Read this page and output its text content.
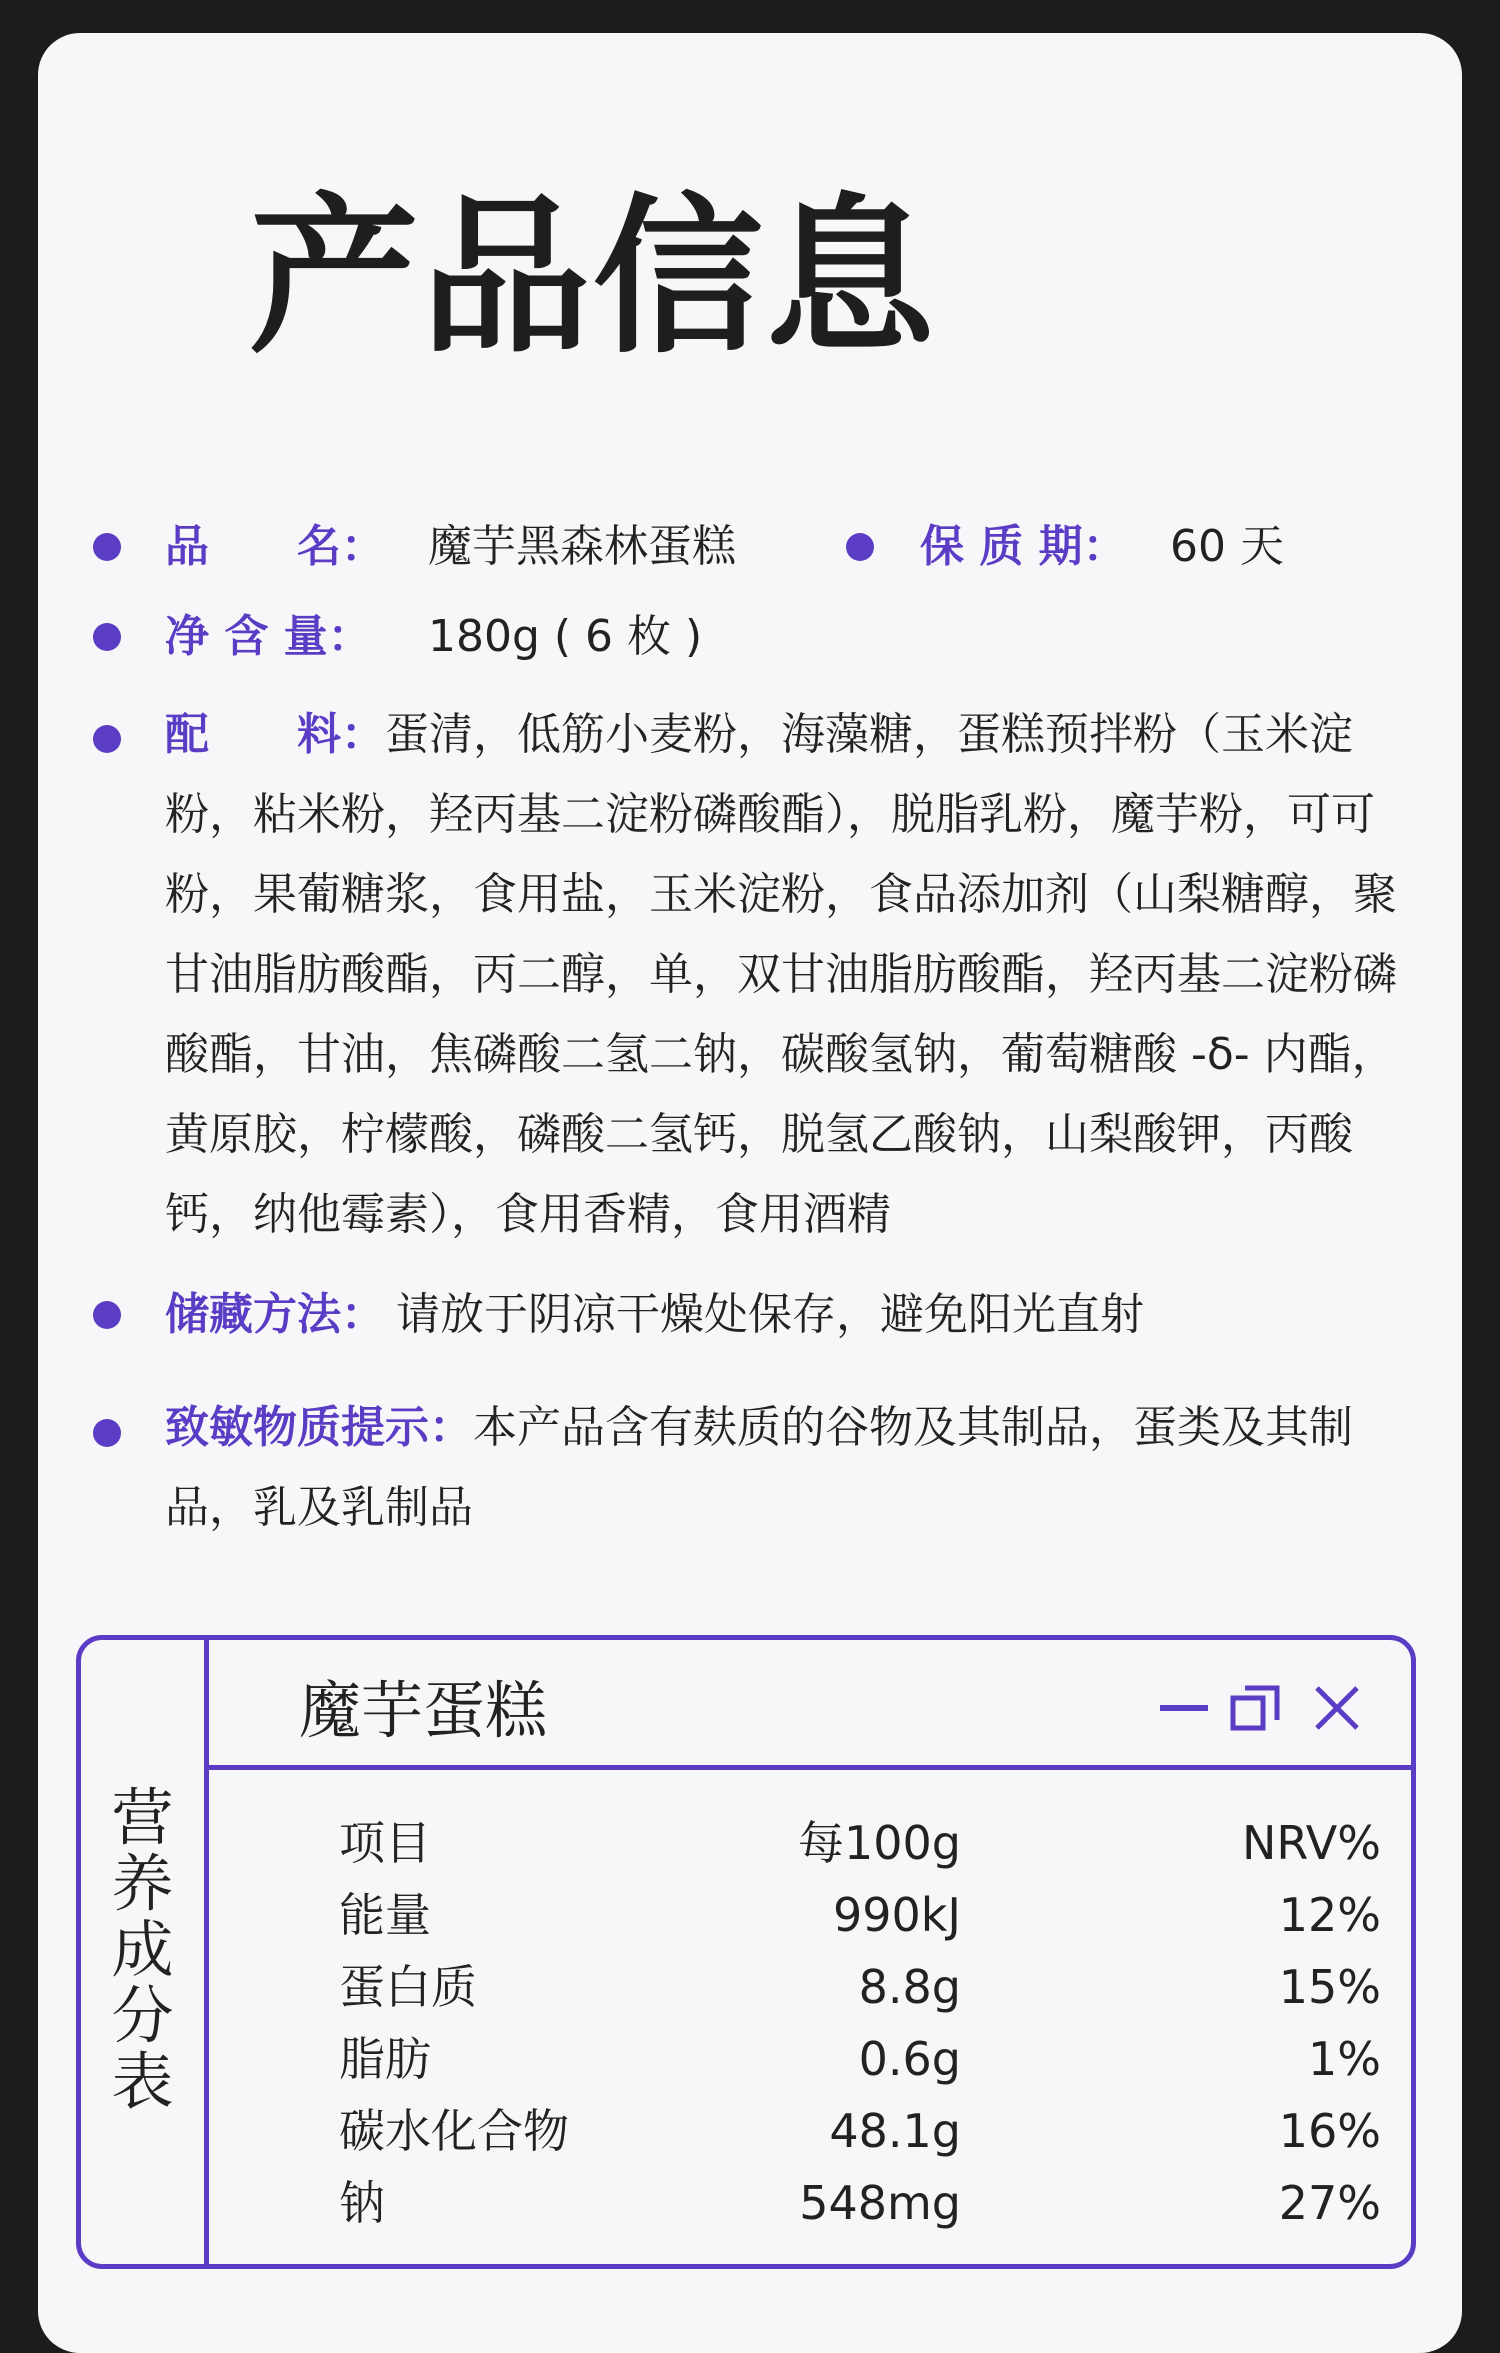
产品信息
品　　名： 魔芋黑森林蛋糕	保 质 期： 60 天
净 含 量： 180g ( 6 枚 )
配　　料：蛋清，低筋小麦粉，海藻糖，蛋糕预拌粉（玉米淀粉，粘米粉，羟丙基二淀粉磷酸酯），脱脂乳粉，魔芋粉，可可粉，果葡糖浆，食用盐，玉米淀粉，食品添加剂（山梨糖醇，聚甘油脂肪酸酯，丙二醇，单，双甘油脂肪酸酯，羟丙基二淀粉磷酸酯，甘油，焦磷酸二氢二钠，碳酸氢钠，葡萄糖酸 -δ- 内酯，黄原胶，柠檬酸，磷酸二氢钙，脱氢乙酸钠，山梨酸钾，丙酸钙，纳他霉素），食用香精，食用酒精
储藏方法： 请放于阴凉干燥处保存，避免阳光直射
致敏物质提示：本产品含有麸质的谷物及其制品，蛋类及其制品，乳及乳制品
营养成分表
魔芋蛋糕
项目	每100g	NRV%
能量	990kJ	12%
蛋白质	8.8g	15%
脂肪	0.6g	1%
碳水化合物	48.1g	16%
钠	548mg	27%
